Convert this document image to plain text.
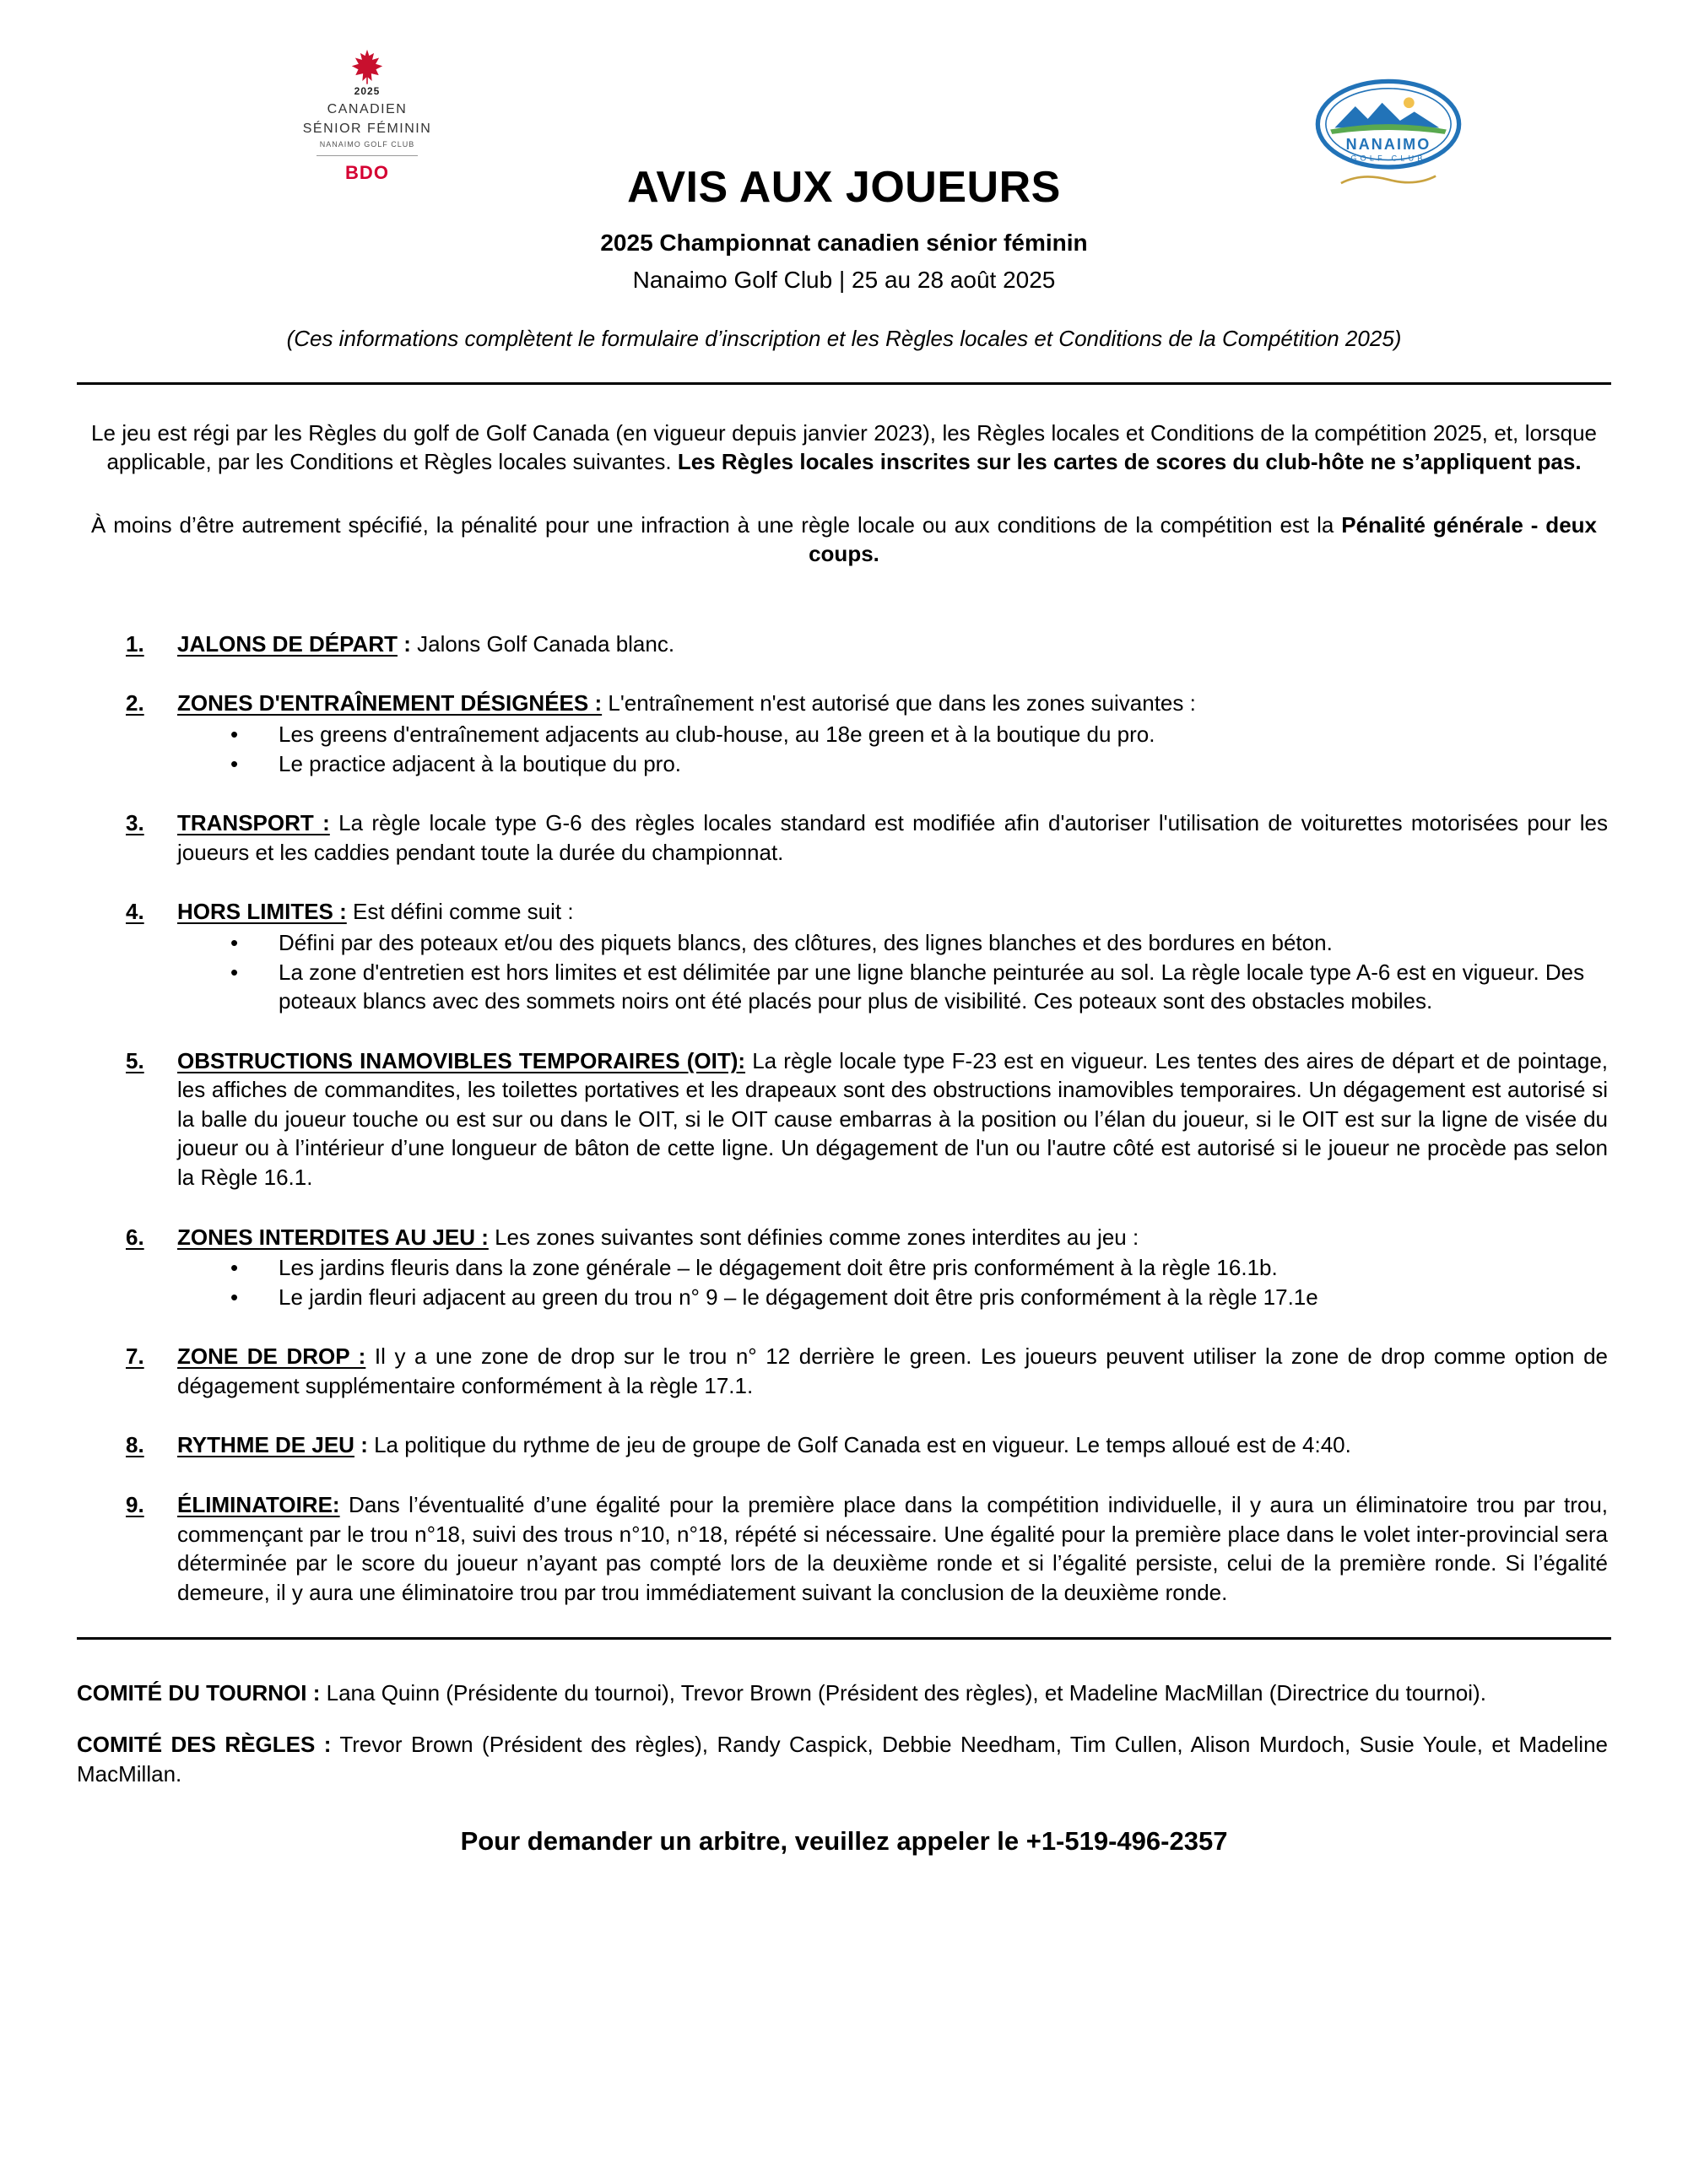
2025
CANADIEN
SÉNIOR FÉMININ
NANAIMO GOLF CLUB
BDO	AVIS AUX JOUEURS
2025 Championnat canadien sénior féminin
Nanaimo Golf Club | 25 au 28 août 2025
NANAIMO
GOLF CLUB

(Ces informations complètent le formulaire d’inscription et les Règles locales et Conditions de la Compétition 2025)

Le jeu est régi par les Règles du golf de Golf Canada (en vigueur depuis janvier 2023), les Règles locales et Conditions de la compétition 2025, et, lorsque applicable, par les Conditions et Règles locales suivantes. Les Règles locales inscrites sur les cartes de scores du club-hôte ne s’appliquent pas.

À moins d’être autrement spécifié, la pénalité pour une infraction à une règle locale ou aux conditions de la compétition est la Pénalité générale - deux coups.

1.	JALONS DE DÉPART : Jalons Golf Canada blanc.
2.	ZONES D'ENTRAÎNEMENT DÉSIGNÉES : L'entraînement n'est autorisé que dans les zones suivantes :
• Les greens d'entraînement adjacents au club-house, au 18e green et à la boutique du pro.
• Le practice adjacent à la boutique du pro.
3.	TRANSPORT : La règle locale type G-6 des règles locales standard est modifiée afin d'autoriser l'utilisation de voiturettes motorisées pour les joueurs et les caddies pendant toute la durée du championnat.
4.	HORS LIMITES : Est défini comme suit :
• Défini par des poteaux et/ou des piquets blancs, des clôtures, des lignes blanches et des bordures en béton.
• La zone d'entretien est hors limites et est délimitée par une ligne blanche peinturée au sol. La règle locale type A-6 est en vigueur. Des poteaux blancs avec des sommets noirs ont été placés pour plus de visibilité. Ces poteaux sont des obstacles mobiles.
5.	OBSTRUCTIONS INAMOVIBLES TEMPORAIRES (OIT): La règle locale type F-23 est en vigueur. Les tentes des aires de départ et de pointage, les affiches de commandites, les toilettes portatives et les drapeaux sont des obstructions inamovibles temporaires. Un dégagement est autorisé si la balle du joueur touche ou est sur ou dans le OIT, si le OIT cause embarras à la position ou l’élan du joueur, si le OIT est sur la ligne de visée du joueur ou à l’intérieur d’une longueur de bâton de cette ligne. Un dégagement de l'un ou l'autre côté est autorisé si le joueur ne procède pas selon la Règle 16.1.
6.	ZONES INTERDITES AU JEU : Les zones suivantes sont définies comme zones interdites au jeu :
• Les jardins fleuris dans la zone générale – le dégagement doit être pris conformément à la règle 16.1b.
• Le jardin fleuri adjacent au green du trou n° 9 – le dégagement doit être pris conformément à la règle 17.1e
7.	ZONE DE DROP : Il y a une zone de drop sur le trou n° 12 derrière le green. Les joueurs peuvent utiliser la zone de drop comme option de dégagement supplémentaire conformément à la règle 17.1.
8.	RYTHME DE JEU : La politique du rythme de jeu de groupe de Golf Canada est en vigueur. Le temps alloué est de 4:40.
9.	ÉLIMINATOIRE: Dans l’éventualité d’une égalité pour la première place dans la compétition individuelle, il y aura un éliminatoire trou par trou, commençant par le trou n°18, suivi des trous n°10, n°18, répété si nécessaire. Une égalité pour la première place dans le volet inter-provincial sera déterminée par le score du joueur n’ayant pas compté lors de la deuxième ronde et si l’égalité persiste, celui de la première ronde. Si l’égalité demeure, il y aura une éliminatoire trou par trou immédiatement suivant la conclusion de la deuxième ronde.

COMITÉ DU TOURNOI : Lana Quinn (Présidente du tournoi), Trevor Brown (Président des règles), et Madeline MacMillan (Directrice du tournoi).

COMITÉ DES RÈGLES : Trevor Brown (Président des règles), Randy Caspick, Debbie Needham, Tim Cullen, Alison Murdoch, Susie Youle, et Madeline MacMillan.

Pour demander un arbitre, veuillez appeler le +1-519-496-2357
